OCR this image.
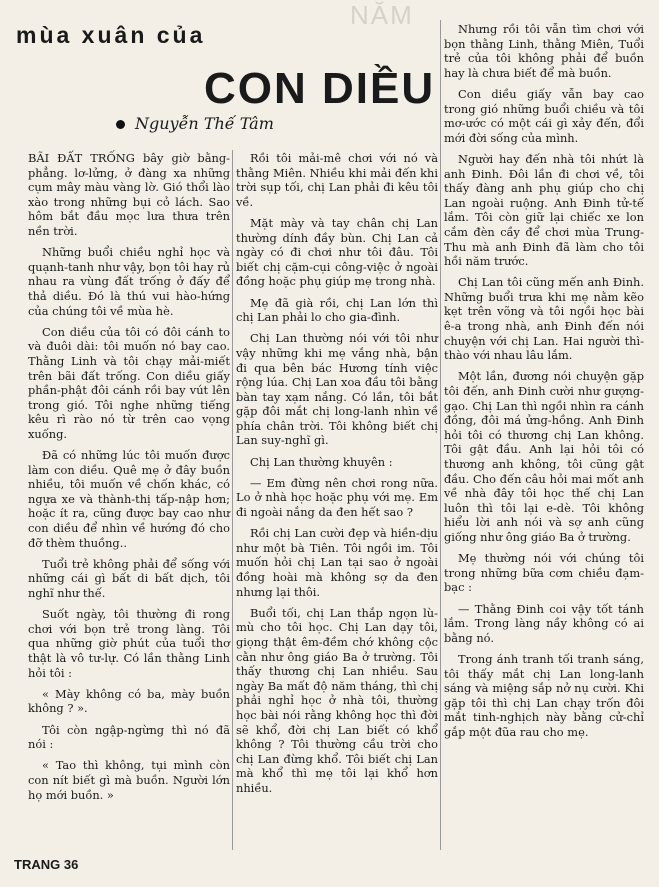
NĂM
mùa xuân của
CON DIỀU
Nguyễn Thế Tâm

BÃI ĐẤT TRỐNG bây giờ bằng-phẳng. lơ-lửng, ở đàng xa những cụm mây màu vàng lờ. Gió thổi lào xào trong những bụi cỏ lách. Sao hôm bắt đầu mọc lưa thưa trên nền trời.

Những buổi chiều nghỉ học và quạnh-tanh như vậy, bọn tôi hay rủ nhau ra vùng đất trống ở đấy để thả diều. Đó là thú vui hào-hứng của chúng tôi về mùa hè.

Con diều của tôi có đôi cánh to và đuôi dài: tôi muốn nó bay cao. Thằng Linh và tôi chạy mải-miết trên bãi đất trống. Con diều giấy phần-phật đôi cánh rồi bay vút lên trong gió. Tôi nghe những tiếng kêu rì rào nó từ trên cao vọng xuống.

Đã có những lúc tôi muốn được làm con diều. Quê mẹ ở đây buồn nhiều, tôi muốn về chốn khác, có ngựa xe và thành-thị tấp-nập hơn; hoặc ít ra, cũng được bay cao như con diều để nhìn về hướng đó cho đỡ thèm thuồng..

Tuổi trẻ không phải để sống với những cái gì bất di bất dịch, tôi nghĩ như thế.

Suốt ngày, tôi thường đi rong chơi với bọn trẻ trong làng. Tôi qua những giờ phút của tuổi thơ thật là vô tư-lự. Có lần thằng Linh hỏi tôi :

« Mày không có ba, mày buồn không ? ».

Tôi còn ngập-ngừng thì nó đã nói :

« Tao thì không, tụi mình còn con nít biết gì mà buồn. Người lớn họ mới buồn. »

Rồi tôi mải-mê chơi với nó và thằng Miên. Nhiều khi mải đến khi trời sụp tối, chị Lan phải đi kêu tôi về.

Mặt mày và tay chân chị Lan thường dính đầy bùn. Chị Lan cả ngày có đi chơi như tôi đâu. Tôi biết chị cặm-cụi công-việc ở ngoài đồng hoặc phụ giúp mẹ trong nhà.

Mẹ đã già rồi, chị Lan lớn thì chị Lan phải lo cho gia-đình.

Chị Lan thường nói với tôi như vậy những khi mẹ vắng nhà, bận đi qua bên bác Hương tính việc rộng lúa. Chị Lan xoa đầu tôi bằng bàn tay xạm nắng. Có lần, tôi bắt gặp đôi mắt chị long-lanh nhìn về phía chân trời. Tôi không biết chị Lan suy-nghĩ gì.

Chị Lan thường khuyên :

— Em đừng nên chơi rong nữa. Lo ở nhà học hoặc phụ với mẹ. Em đi ngoài nắng da đen hết sao ?

Rồi chị Lan cười đẹp và hiền-dịu như một bà Tiên. Tôi ngồi im. Tôi muốn hỏi chị Lan tại sao ở ngoài đồng hoài mà không sợ da đen nhưng lại thôi.

Buổi tối, chị Lan thắp ngọn lù-mù cho tôi học. Chị Lan dạy tôi, giọng thật êm-đềm chớ không cộc cằn như ông giáo Ba ở trường. Tôi thấy thương chị Lan nhiều. Sau ngày Ba mất độ năm tháng, thì chị phải nghỉ học ở nhà tôi, thường học bài nói rằng không học thì đời sẽ khổ, đời chị Lan biết có khổ không ? Tôi thường cầu trời cho chị Lan đừng khổ. Tôi biết chị Lan mà khổ thì mẹ tôi lại khổ hơn nhiều.

Nhưng rồi tôi vẫn tìm chơi với bọn thằng Linh, thằng Miên, Tuổi trẻ của tôi không phải để buồn hay là chưa biết để mà buồn.

Con diều giấy vẫn bay cao trong gió những buổi chiều và tôi mơ-ước có một cái gì xảy đến, đổi mới đời sống của mình.

Người hay đến nhà tôi nhứt là anh Đinh. Đôi lần đi chơi về, tôi thấy đàng anh phụ giúp cho chị Lan ngoài ruộng. Anh Đinh tử-tế lắm. Tôi còn giữ lại chiếc xe lon cắm đèn cầy để chơi mùa Trung-Thu mà anh Đinh đã làm cho tôi hồi năm trước.

Chị Lan tôi cũng mến anh Đinh. Những buổi trưa khi mẹ nằm kẽo kẹt trên võng và tôi ngồi học bài ê-a trong nhà, anh Đinh đến nói chuyện với chị Lan. Hai người thì-thào với nhau lâu lắm.

Một lần, đương nói chuyện gặp tôi đến, anh Đinh cười như gượng-gạo. Chị Lan thì ngồi nhìn ra cánh đồng, đôi má ửng-hồng. Anh Đinh hỏi tôi có thương chị Lan không. Tôi gật đầu. Anh lại hỏi tôi có thương anh không, tôi cũng gật đầu. Cho đến câu hỏi mai mốt anh về nhà đây tôi học thế chị Lan luôn thì tôi lại e-dè. Tôi không hiểu lời anh nói và sợ anh cũng giống như ông giáo Ba ở trường.

Mẹ thường nói với chúng tôi trong những bữa cơm chiều đạm-bạc :

— Thằng Đinh coi vậy tốt tánh lắm. Trong làng nầy không có ai bằng nó.

Trong ánh tranh tối tranh sáng, tôi thấy mắt chị Lan long-lanh sáng và miệng sắp nở nụ cười. Khi gặp tôi thì chị Lan chạy trốn đôi mắt tinh-nghịch này bằng cử-chỉ gắp một đũa rau cho mẹ.

TRANG 36
